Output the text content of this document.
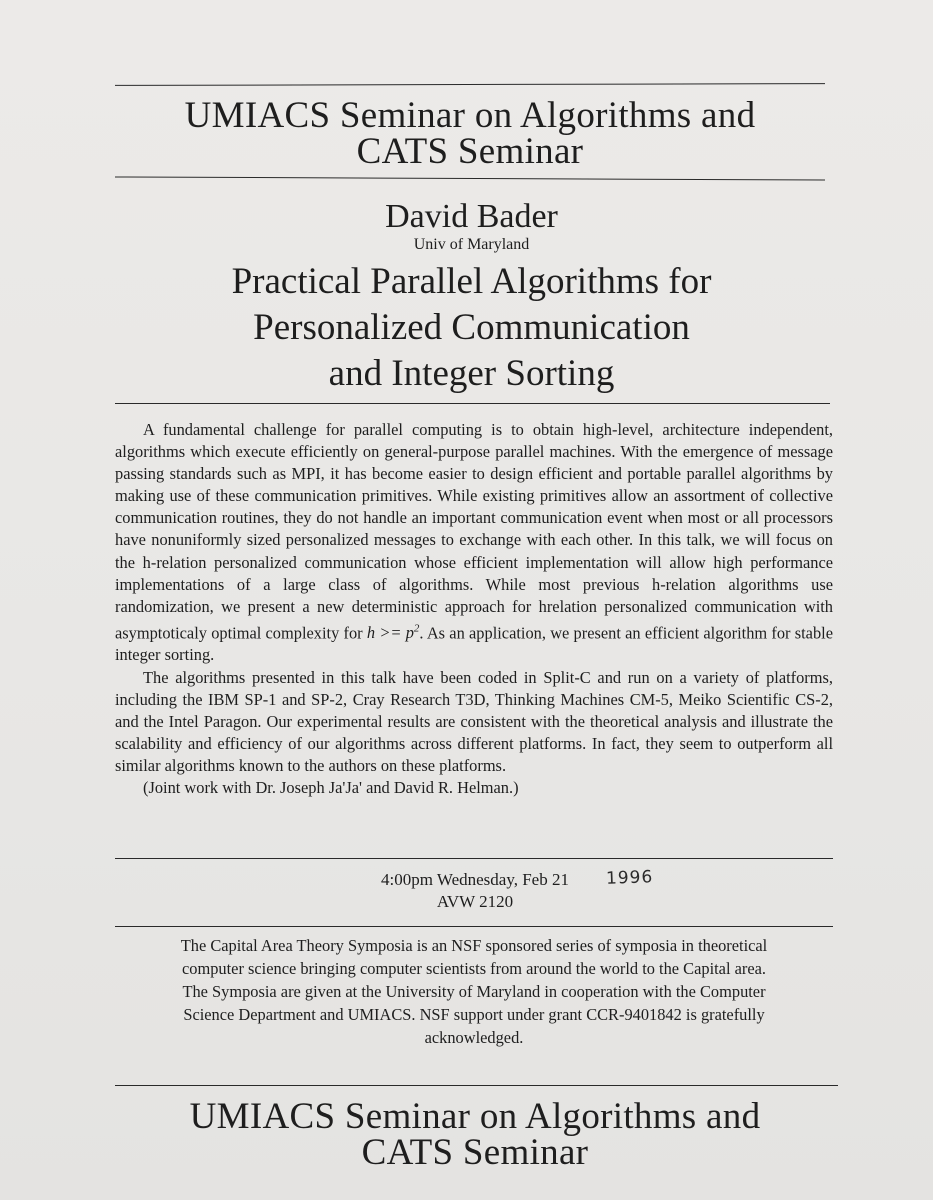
UMIACS Seminar on Algorithms and
CATS Seminar
David Bader
Univ of Maryland
Practical Parallel Algorithms for
Personalized Communication
and Integer Sorting

A fundamental challenge for parallel computing is to obtain high-level, architecture independent, algorithms which execute efficiently on general-purpose parallel machines. With the emergence of message passing standards such as MPI, it has become easier to design efficient and portable parallel algorithms by making use of these communication primitives. While existing primitives allow an assortment of collective communication routines, they do not handle an important communication event when most or all processors have nonuniformly sized personalized messages to exchange with each other. In this talk, we will focus on the h-relation personalized communication whose efficient implementation will allow high performance implementations of a large class of algorithms. While most previous h-relation algorithms use randomization, we present a new deterministic approach for hrelation personalized communication with asymptoticaly optimal complexity for $h >= p^2$. As an application, we present an efficient algorithm for stable integer sorting.

The algorithms presented in this talk have been coded in Split-C and run on a variety of platforms, including the IBM SP-1 and SP-2, Cray Research T3D, Thinking Machines CM-5, Meiko Scientific CS-2, and the Intel Paragon. Our experimental results are consistent with the theoretical analysis and illustrate the scalability and efficiency of our algorithms across different platforms. In fact, they seem to outperform all similar algorithms known to the authors on these platforms.

(Joint work with Dr. Joseph Ja'Ja' and David R. Helman.)

4:00pm Wednesday, Feb 21	1996
AVW 2120
The Capital Area Theory Symposia is an NSF sponsored series of symposia in theoretical
computer science bringing computer scientists from around the world to the Capital area.
The Symposia are given at the University of Maryland in cooperation with the Computer
Science Department and UMIACS. NSF support under grant CCR-9401842 is gratefully
acknowledged.
UMIACS Seminar on Algorithms and
CATS Seminar
